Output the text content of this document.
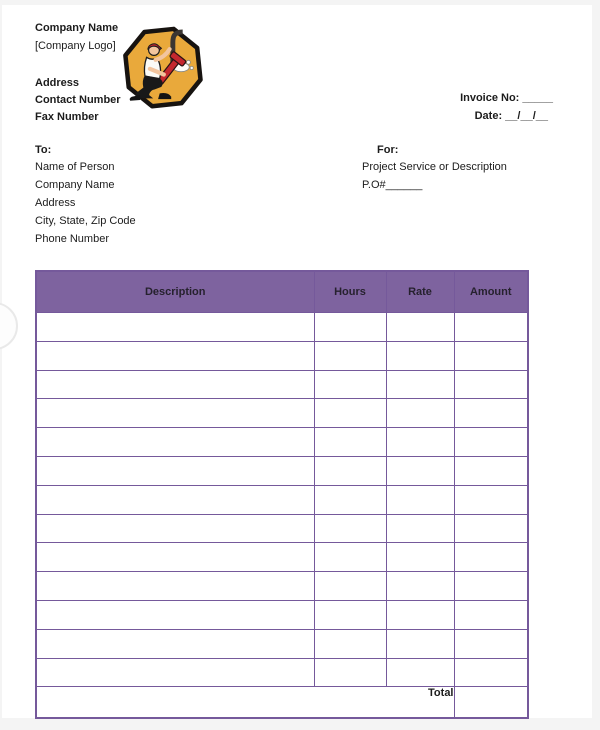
Company Name
[Company Logo]
Address
Contact Number
Fax Number
Invoice No: _____
Date: __/__/__
To:
Name of Person
Company Name
Address
City, State, Zip Code
Phone Number
For:
Project Service or Description
P.O#______
Description	Hours	Rate	Amount

Total			
